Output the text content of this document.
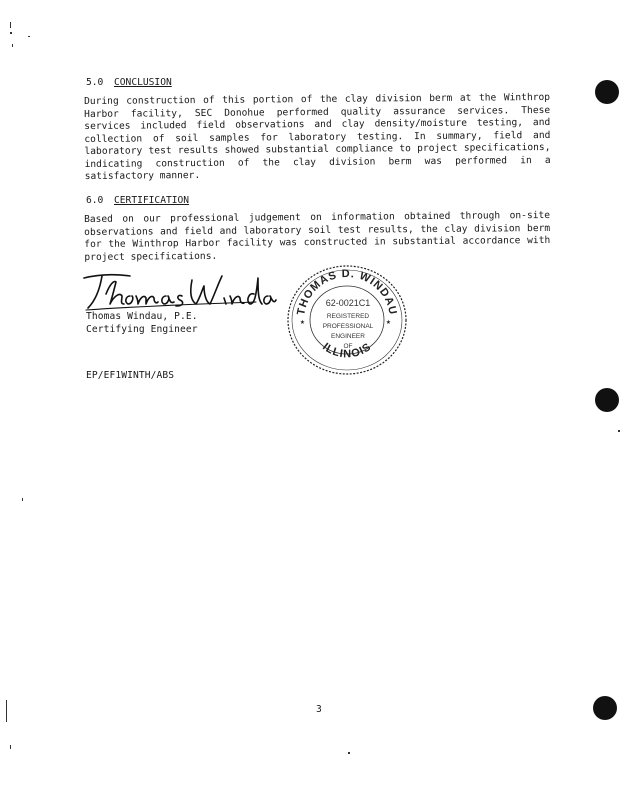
5.0 CONCLUSION
During construction of this portion of the clay division berm at the Winthrop Harbor facility, SEC Donohue performed quality assurance services. These services included field observations and clay density/moisture testing, and collection of soil samples for laboratory testing. In summary, field and laboratory test results showed substantial compliance to project specifications, indicating construction of the clay division berm was performed in a satisfactory manner.
6.0 CERTIFICATION
Based on our professional judgement on information obtained through on-site observations and field and laboratory soil test results, the clay division berm for the Winthrop Harbor facility was constructed in substantial accordance with project specifications.
Thomas Windau, P.E.
Certifying Engineer
THOMAS D. WINDAU
ILLINOIS
★	★
62-0021C1
REGISTERED
PROFESSIONAL
ENGINEER
OF
EP/EF1WINTH/ABS
3
